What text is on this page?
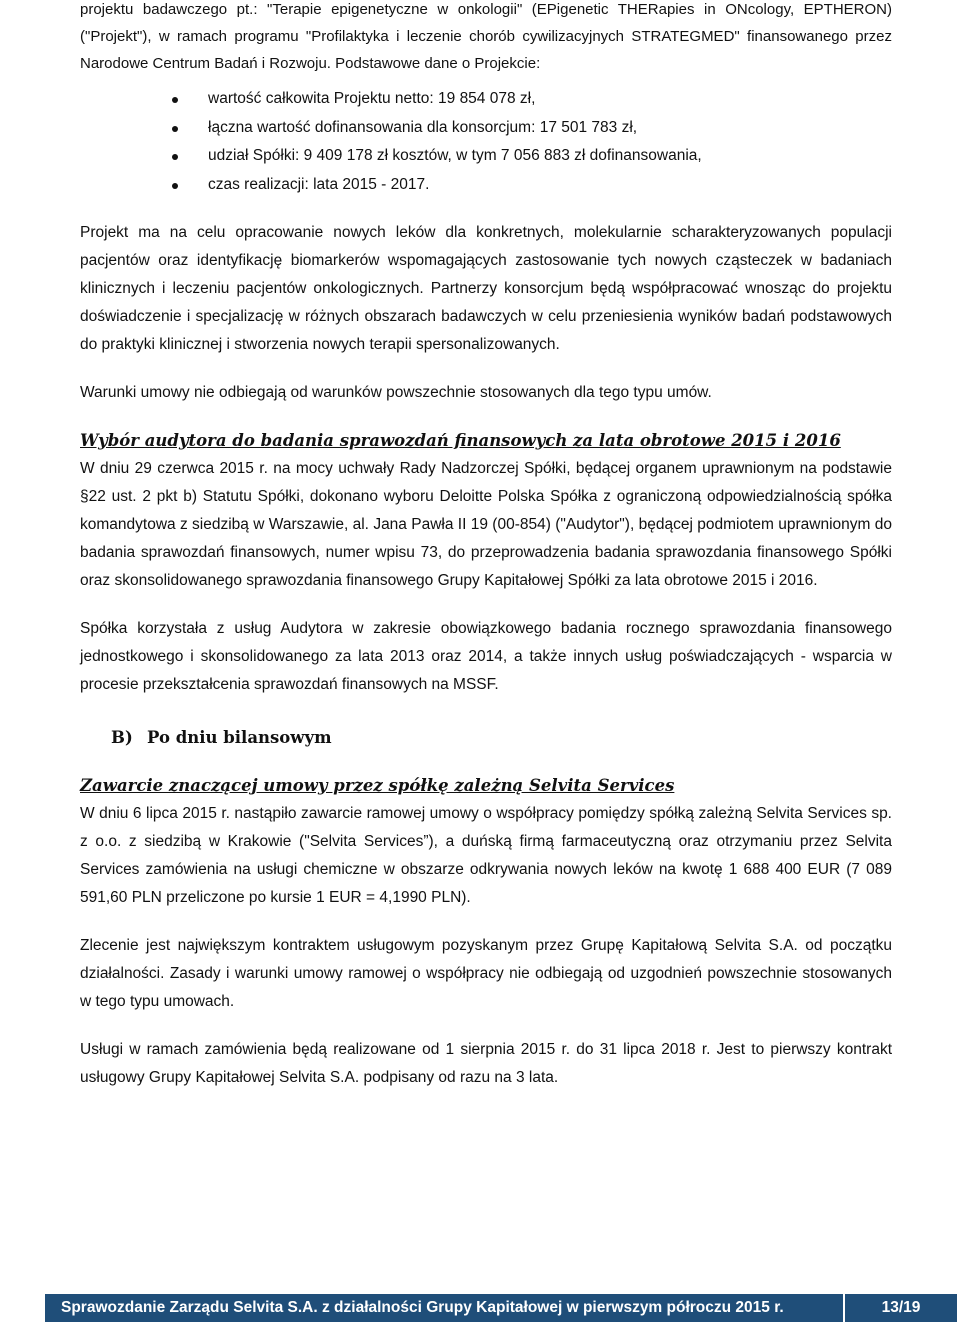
projektu badawczego pt.: "Terapie epigenetyczne w onkologii" (EPigenetic THERapies in ONcology, EPTHERON) ("Projekt"), w ramach programu "Profilaktyka i leczenie chorób cywilizacyjnych STRATEGMED" finansowanego przez Narodowe Centrum Badań i Rozwoju. Podstawowe dane o Projekcie:

wartość całkowita Projektu netto: 19 854 078 zł,
łączna wartość dofinansowania dla konsorcjum: 17 501 783 zł,
udział Spółki: 9 409 178 zł kosztów, w tym 7 056 883 zł dofinansowania,
czas realizacji: lata 2015 - 2017.

Projekt ma na celu opracowanie nowych leków dla konkretnych, molekularnie scharakteryzowanych populacji pacjentów oraz identyfikację biomarkerów wspomagających zastosowanie tych nowych cząsteczek w badaniach klinicznych i leczeniu pacjentów onkologicznych. Partnerzy konsorcjum będą współpracować wnosząc do projektu doświadczenie i specjalizację w różnych obszarach badawczych w celu przeniesienia wyników badań podstawowych do praktyki klinicznej i stworzenia nowych terapii spersonalizowanych.

Warunki umowy nie odbiegają od warunków powszechnie stosowanych dla tego typu umów.

Wybór audytora do badania sprawozdań finansowych za lata obrotowe 2015 i 2016

W dniu 29 czerwca 2015 r. na mocy uchwały Rady Nadzorczej Spółki, będącej organem uprawnionym na podstawie §22 ust. 2 pkt b) Statutu Spółki, dokonano wyboru Deloitte Polska Spółka z ograniczoną odpowiedzialnością spółka komandytowa z siedzibą w Warszawie, al. Jana Pawła II 19 (00-854) ("Audytor"), będącej podmiotem uprawnionym do badania sprawozdań finansowych, numer wpisu 73, do przeprowadzenia badania sprawozdania finansowego Spółki oraz skonsolidowanego sprawozdania finansowego Grupy Kapitałowej Spółki za lata obrotowe 2015 i 2016.

Spółka korzystała z usług Audytora w zakresie obowiązkowego badania rocznego sprawozdania finansowego jednostkowego i skonsolidowanego za lata 2013 oraz 2014, a także innych usług poświadczających - wsparcia w procesie przekształcenia sprawozdań finansowych na MSSF.

B) Po dniu bilansowym
Zawarcie znaczącej umowy przez spółkę zależną Selvita Services

W dniu 6 lipca 2015 r. nastąpiło zawarcie ramowej umowy o współpracy pomiędzy spółką zależną Selvita Services sp. z o.o. z siedzibą w Krakowie ("Selvita Services”), a duńską firmą farmaceutyczną oraz otrzymaniu przez Selvita Services zamówienia na usługi chemiczne w obszarze odkrywania nowych leków na kwotę 1 688 400 EUR (7 089 591,60 PLN przeliczone po kursie 1 EUR = 4,1990 PLN).

Zlecenie jest największym kontraktem usługowym pozyskanym przez Grupę Kapitałową Selvita S.A. od początku działalności. Zasady i warunki umowy ramowej o współpracy nie odbiegają od uzgodnień powszechnie stosowanych w tego typu umowach.

Usługi w ramach zamówienia będą realizowane od 1 sierpnia 2015 r. do 31 lipca 2018 r. Jest to pierwszy kontrakt usługowy Grupy Kapitałowej Selvita S.A. podpisany od razu na 3 lata.

Sprawozdanie Zarządu Selvita S.A. z działalności Grupy Kapitałowej w pierwszym półroczu 2015 r.	13/19
